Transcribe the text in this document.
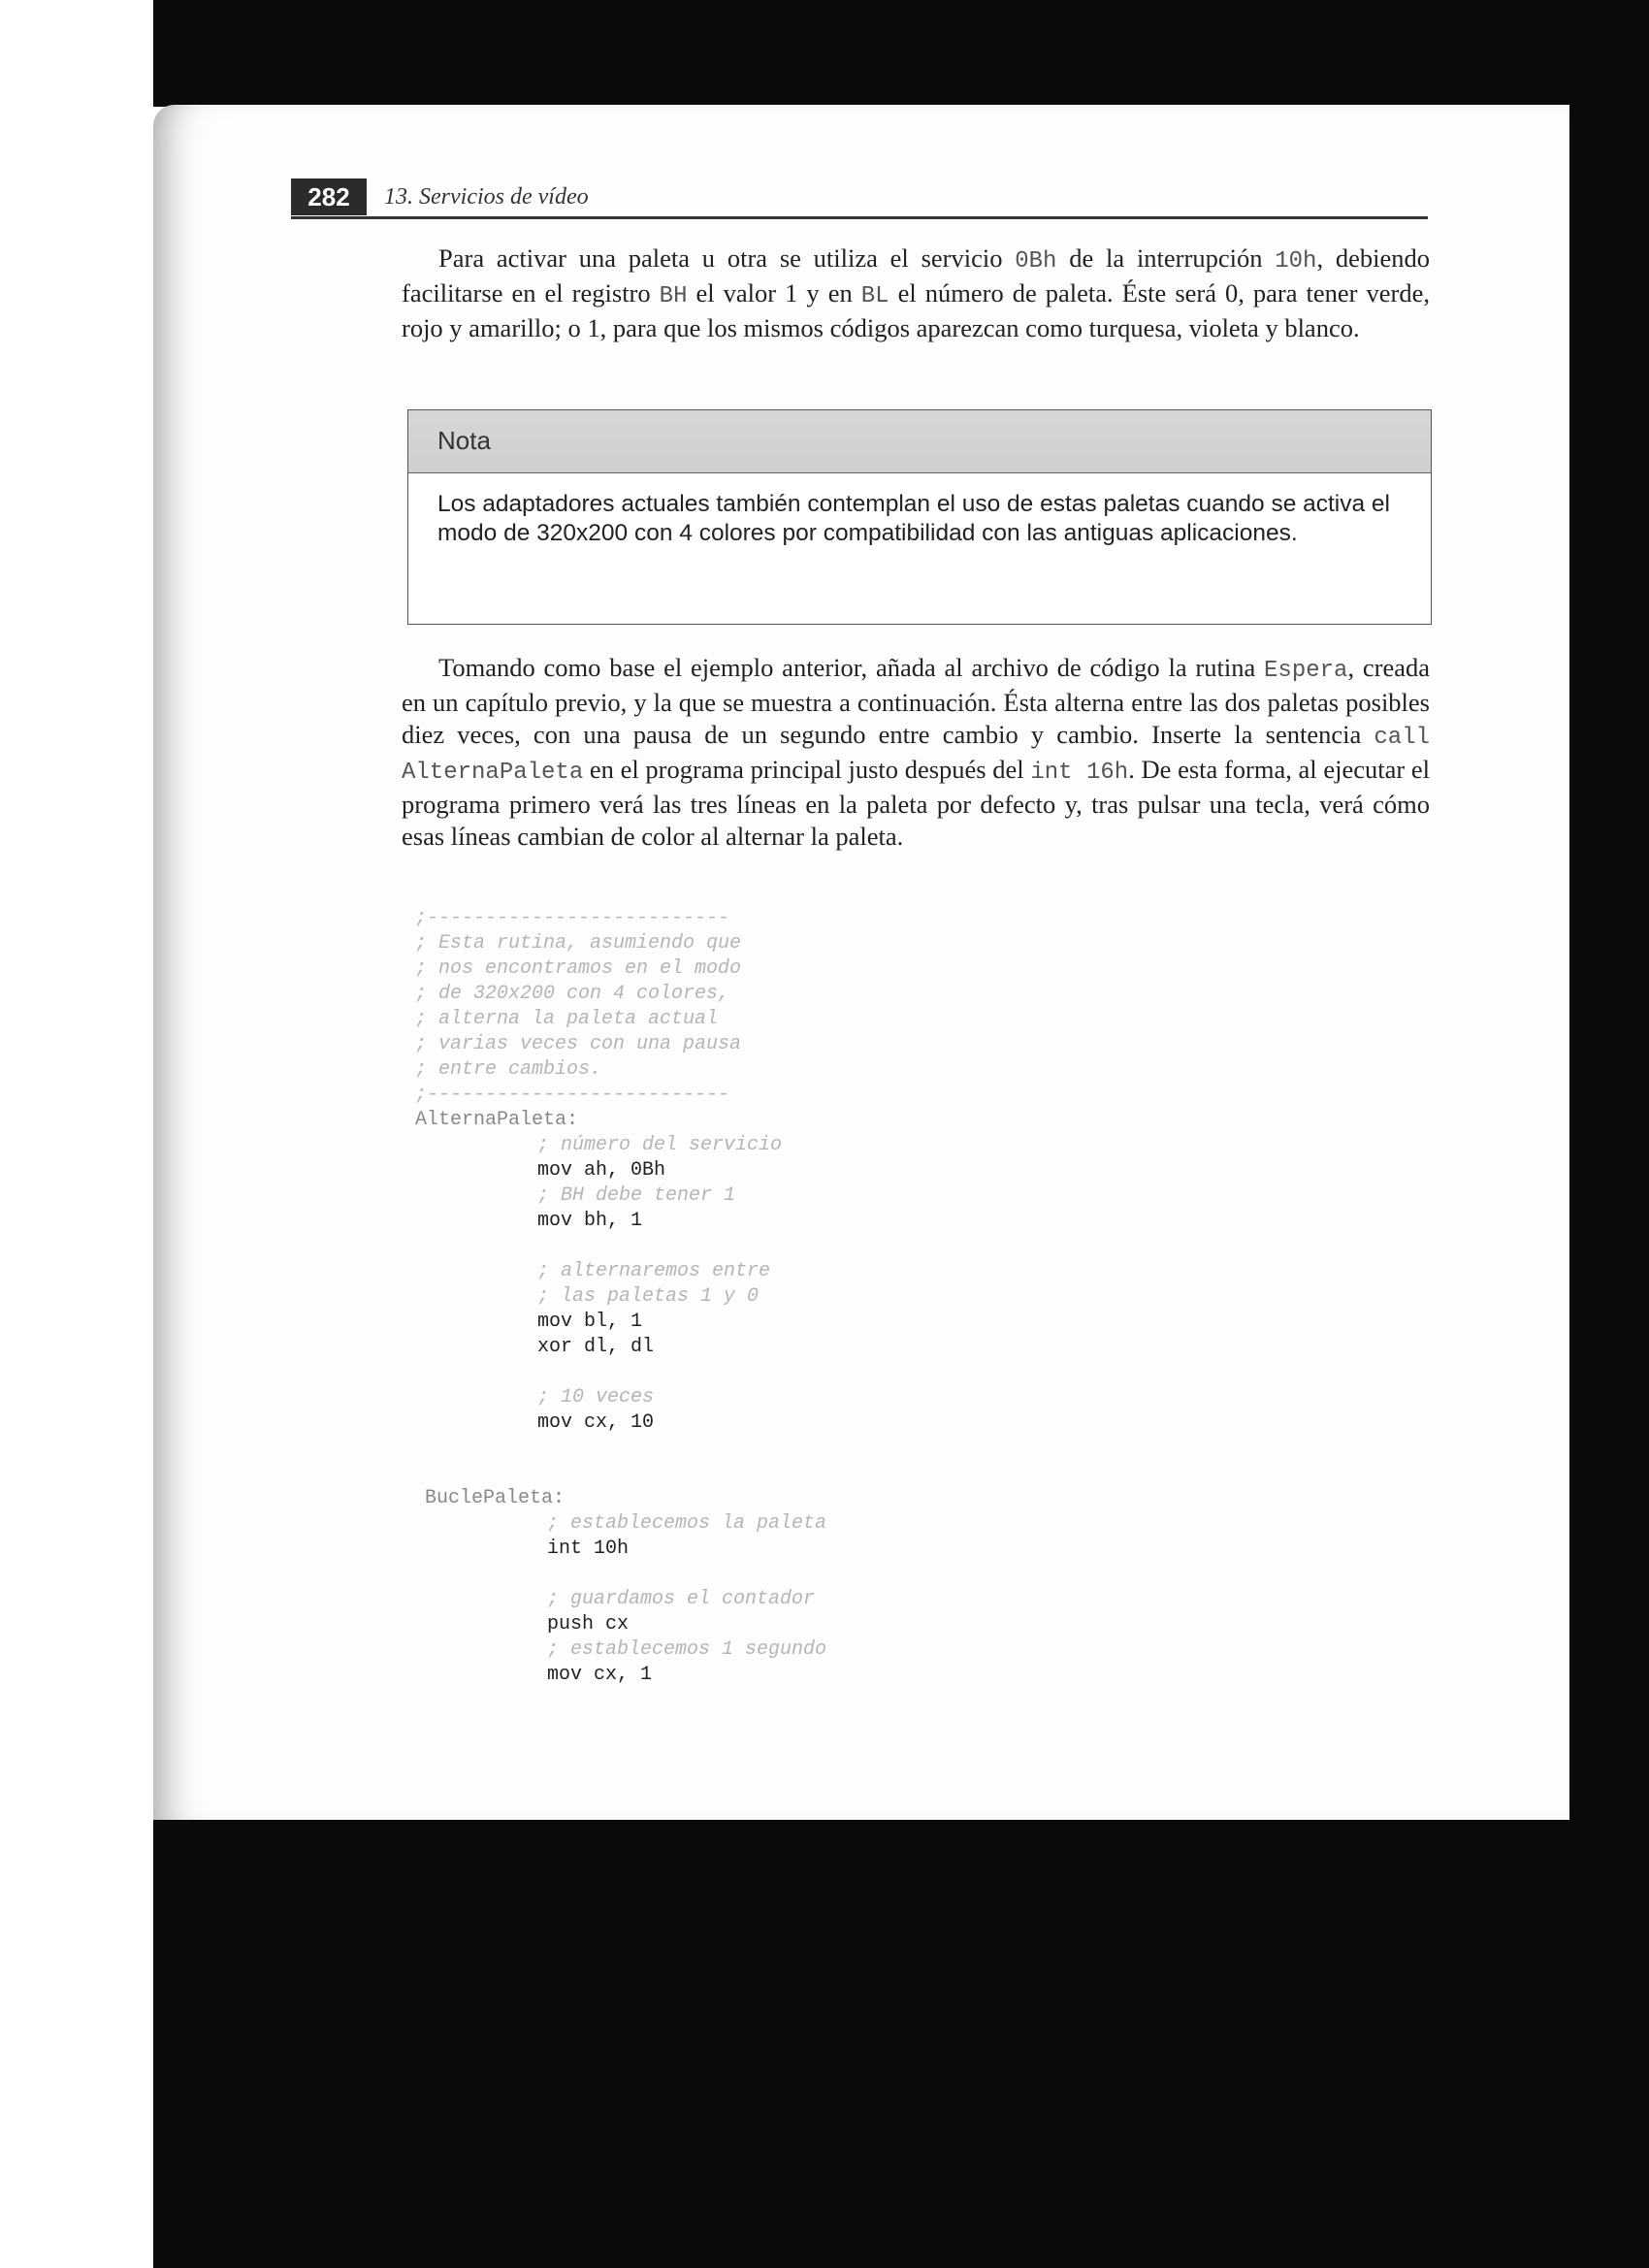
282	13. Servicios de vídeo

Para activar una paleta u otra se utiliza el servicio 0Bh de la interrupción 10h, debiendo facilitarse en el registro BH el valor 1 y en BL el número de paleta. Éste será 0, para tener verde, rojo y amarillo; o 1, para que los mismos códigos aparezcan como turquesa, violeta y blanco.

Nota

Los adaptadores actuales también contemplan el uso de estas paletas cuando se activa el modo de 320x200 con 4 colores por compatibilidad con las antiguas aplicaciones.

Tomando como base el ejemplo anterior, añada al archivo de código la rutina Espera, creada en un capítulo previo, y la que se muestra a continuación. Ésta alterna entre las dos paletas posibles diez veces, con una pausa de un segundo entre cambio y cambio. Inserte la sentencia call AlternaPaleta en el programa principal justo después del int 16h. De esta forma, al ejecutar el programa primero verá las tres líneas en la paleta por defecto y, tras pulsar una tecla, verá cómo esas líneas cambian de color al alternar la paleta.

;--------------------------
; Esta rutina, asumiendo que
; nos encontramos en el modo
; de 320x200 con 4 colores,
; alterna la paleta actual
; varias veces con una pausa
; entre cambios.
;--------------------------
AlternaPaleta:
; número del servicio
mov ah, 0Bh
; BH debe tener 1
mov bh, 1
; alternaremos entre
; las paletas 1 y 0
mov bl, 1
xor dl, dl
; 10 veces
mov cx, 10
BuclePaleta:
; establecemos la paleta
int 10h
; guardamos el contador
push cx
; establecemos 1 segundo
mov cx, 1
